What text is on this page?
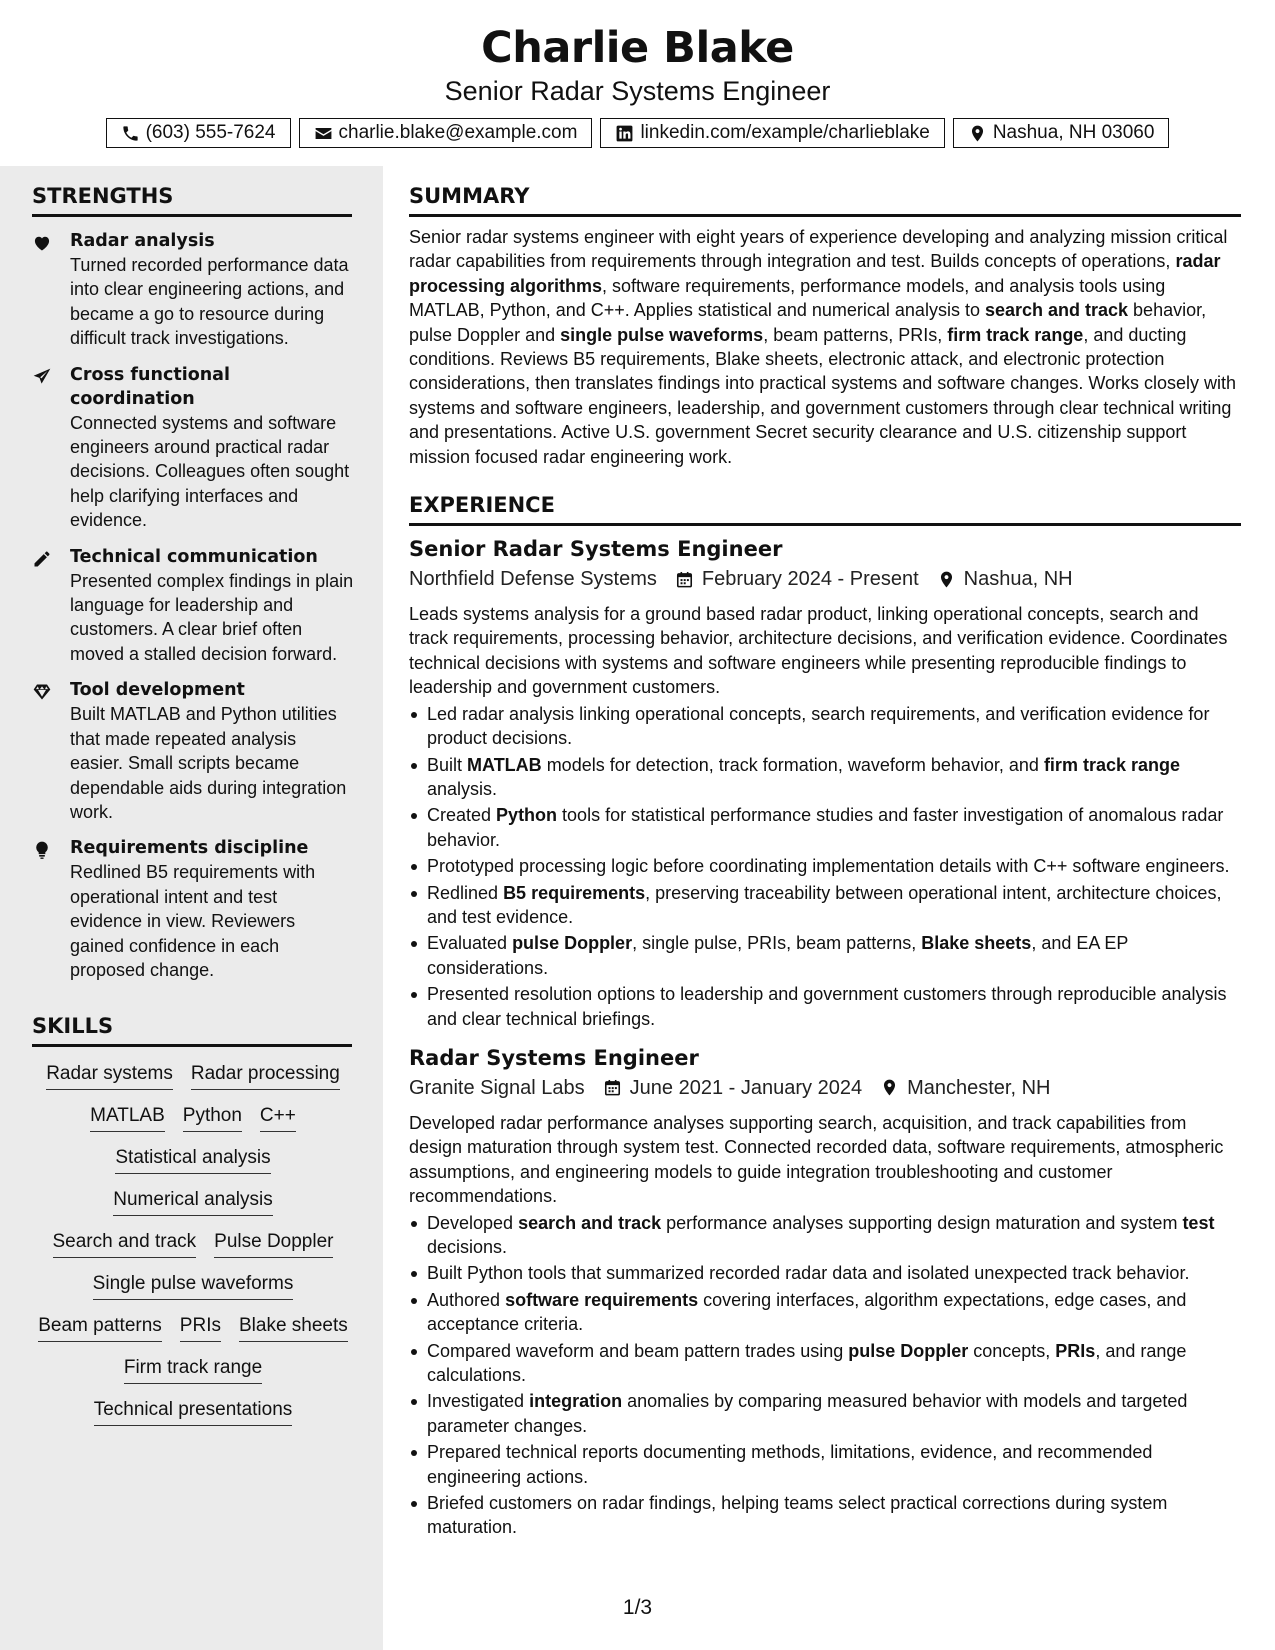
Charlie Blake
Senior Radar Systems Engineer
(603) 555-7624	charlie.blake@example.com	linkedin.com/example/charlieblake	Nashua, NH 03060
STRENGTHS
Radar analysis
Turned recorded performance data into clear engineering actions, and became a go to resource during difficult track investigations.
Cross functional coordination
Connected systems and software engineers around practical radar decisions. Colleagues often sought help clarifying interfaces and evidence.
Technical communication
Presented complex findings in plain language for leadership and customers. A clear brief often moved a stalled decision forward.
Tool development
Built MATLAB and Python utilities that made repeated analysis easier. Small scripts became dependable aids during integration work.
Requirements discipline
Redlined B5 requirements with operational intent and test evidence in view. Reviewers gained confidence in each proposed change.
SKILLS
Radar systems Radar processing
MATLAB Python C++
Statistical analysis
Numerical analysis
Search and track Pulse Doppler
Single pulse waveforms
Beam patterns PRIs Blake sheets
Firm track range
Technical presentations
SUMMARY

Senior radar systems engineer with eight years of experience developing and analyzing mission critical radar capabilities from requirements through integration and test. Builds concepts of operations, radar processing algorithms, software requirements, performance models, and analysis tools using MATLAB, Python, and C++. Applies statistical and numerical analysis to search and track behavior, pulse Doppler and single pulse waveforms, beam patterns, PRIs, firm track range, and ducting conditions. Reviews B5 requirements, Blake sheets, electronic attack, and electronic protection considerations, then translates findings into practical systems and software changes. Works closely with systems and software engineers, leadership, and government customers through clear technical writing and presentations. Active U.S. government Secret security clearance and U.S. citizenship support mission focused radar engineering work.

EXPERIENCE
Senior Radar Systems Engineer
Northfield Defense Systems February 2024 - Present Nashua, NH

Leads systems analysis for a ground based radar product, linking operational concepts, search and track requirements, processing behavior, architecture decisions, and verification evidence. Coordinates technical decisions with systems and software engineers while presenting reproducible findings to leadership and government customers.

Led radar analysis linking operational concepts, search requirements, and verification evidence for product decisions.
Built MATLAB models for detection, track formation, waveform behavior, and firm track range analysis.
Created Python tools for statistical performance studies and faster investigation of anomalous radar behavior.
Prototyped processing logic before coordinating implementation details with C++ software engineers.
Redlined B5 requirements, preserving traceability between operational intent, architecture choices, and test evidence.
Evaluated pulse Doppler, single pulse, PRIs, beam patterns, Blake sheets, and EA EP considerations.
Presented resolution options to leadership and government customers through reproducible analysis and clear technical briefings.
Radar Systems Engineer
Granite Signal Labs June 2021 - January 2024 Manchester, NH

Developed radar performance analyses supporting search, acquisition, and track capabilities from design maturation through system test. Connected recorded data, software requirements, atmospheric assumptions, and engineering models to guide integration troubleshooting and customer recommendations.

Developed search and track performance analyses supporting design maturation and system test decisions.
Built Python tools that summarized recorded radar data and isolated unexpected track behavior.
Authored software requirements covering interfaces, algorithm expectations, edge cases, and acceptance criteria.
Compared waveform and beam pattern trades using pulse Doppler concepts, PRIs, and range calculations.
Investigated integration anomalies by comparing measured behavior with models and targeted parameter changes.
Prepared technical reports documenting methods, limitations, evidence, and recommended engineering actions.
Briefed customers on radar findings, helping teams select practical corrections during system maturation.
1/3
